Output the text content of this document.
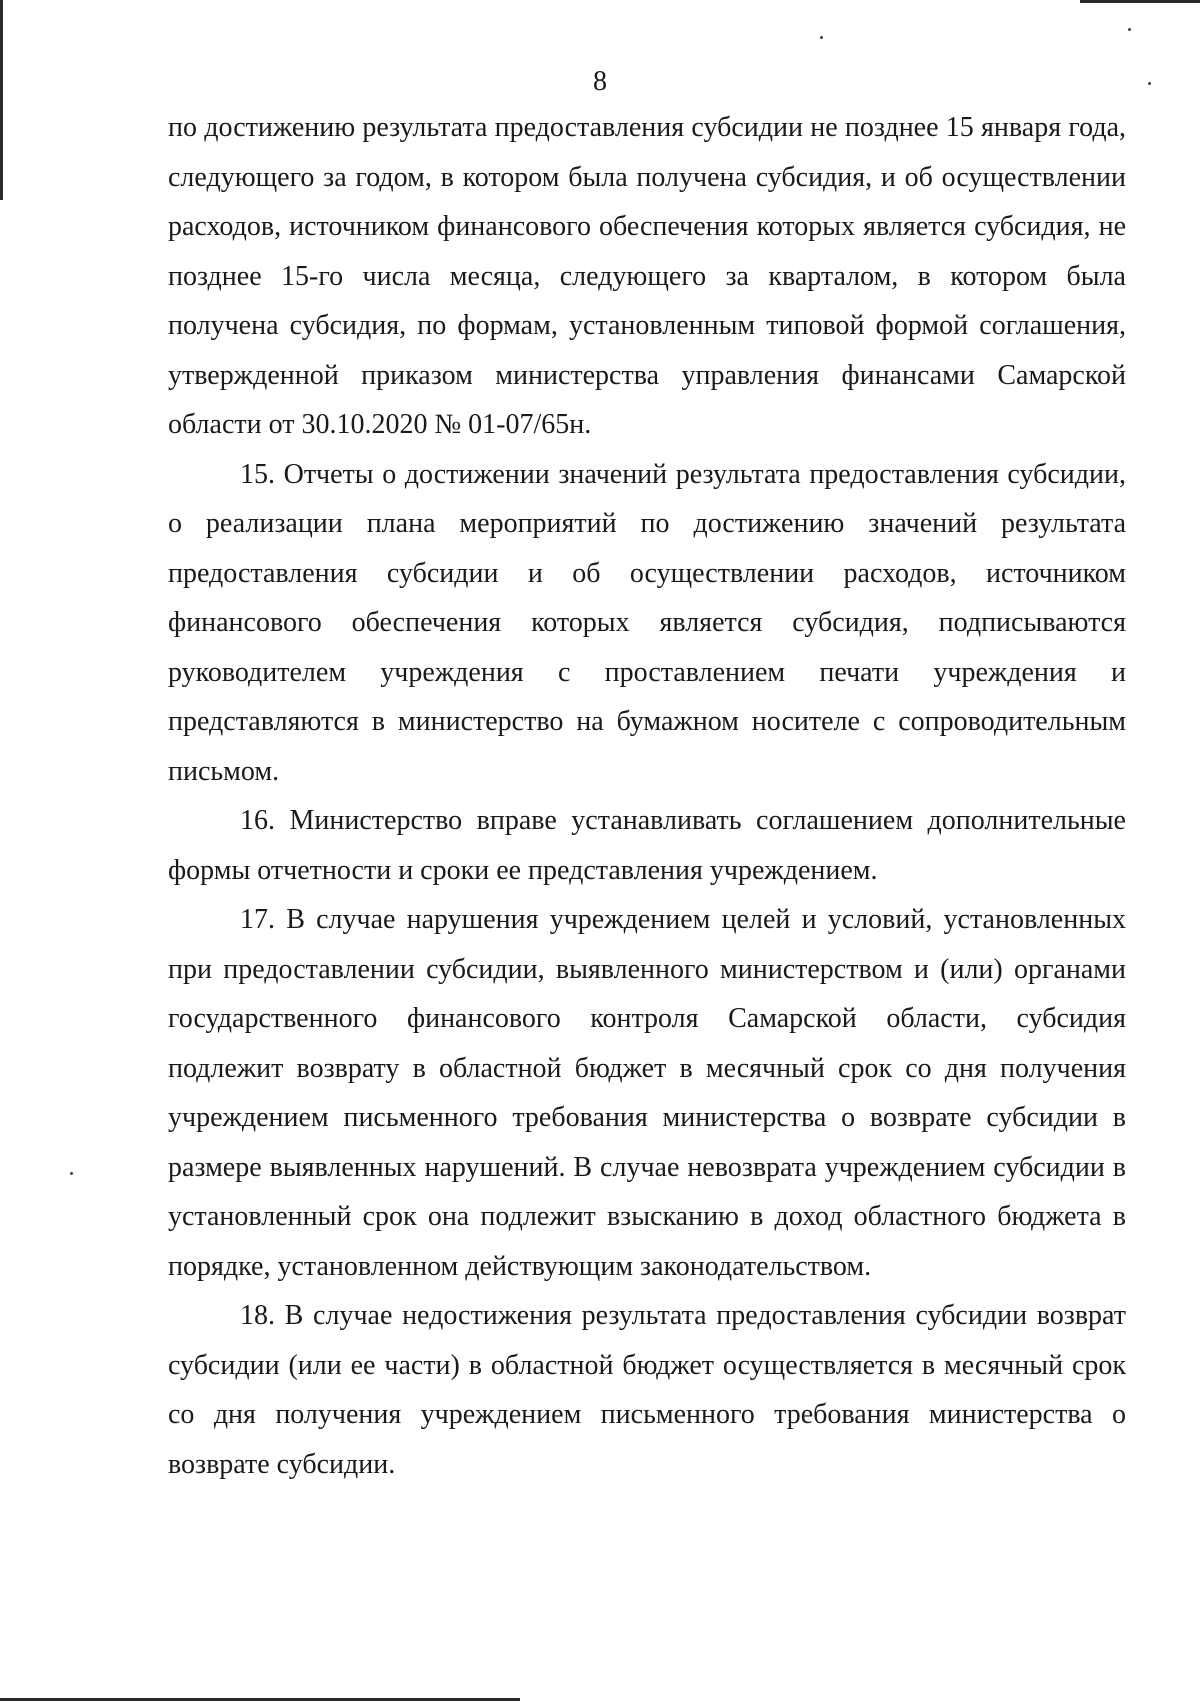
8

по достижению результата предоставления субсидии не позднее 15 января года, следующего за годом, в котором была получена субсидия, и об осуществлении расходов, источником финансового обеспечения которых является субсидия, не позднее 15-го числа месяца, следующего за кварталом, в котором была получена субсидия, по формам, установленным типовой формой соглашения, утвержденной приказом министерства управления финансами Самарской области от 30.10.2020 № 01-07/65н.

15. Отчеты о достижении значений результата предоставления субсидии, о реализации плана мероприятий по достижению значений результата предоставления субсидии и об осуществлении расходов, источником финансового обеспечения которых является субсидия, подписываются руководителем учреждения с проставлением печати учреждения и представляются в министерство на бумажном носителе с сопроводительным письмом.

16. Министерство вправе устанавливать соглашением дополнительные формы отчетности и сроки ее представления учреждением.

17. В случае нарушения учреждением целей и условий, установленных при предоставлении субсидии, выявленного министерством и (или) органами государственного финансового контроля Самарской области, субсидия подлежит возврату в областной бюджет в месячный срок со дня получения учреждением письменного требования министерства о возврате субсидии в размере выявленных нарушений. В случае невозврата учреждением субсидии в установленный срок она подлежит взысканию в доход областного бюджета в порядке, установленном действующим законодательством.

18. В случае недостижения результата предоставления субсидии возврат субсидии (или ее части) в областной бюджет осуществляется в месячный срок со дня получения учреждением письменного требования министерства о возврате субсидии.
